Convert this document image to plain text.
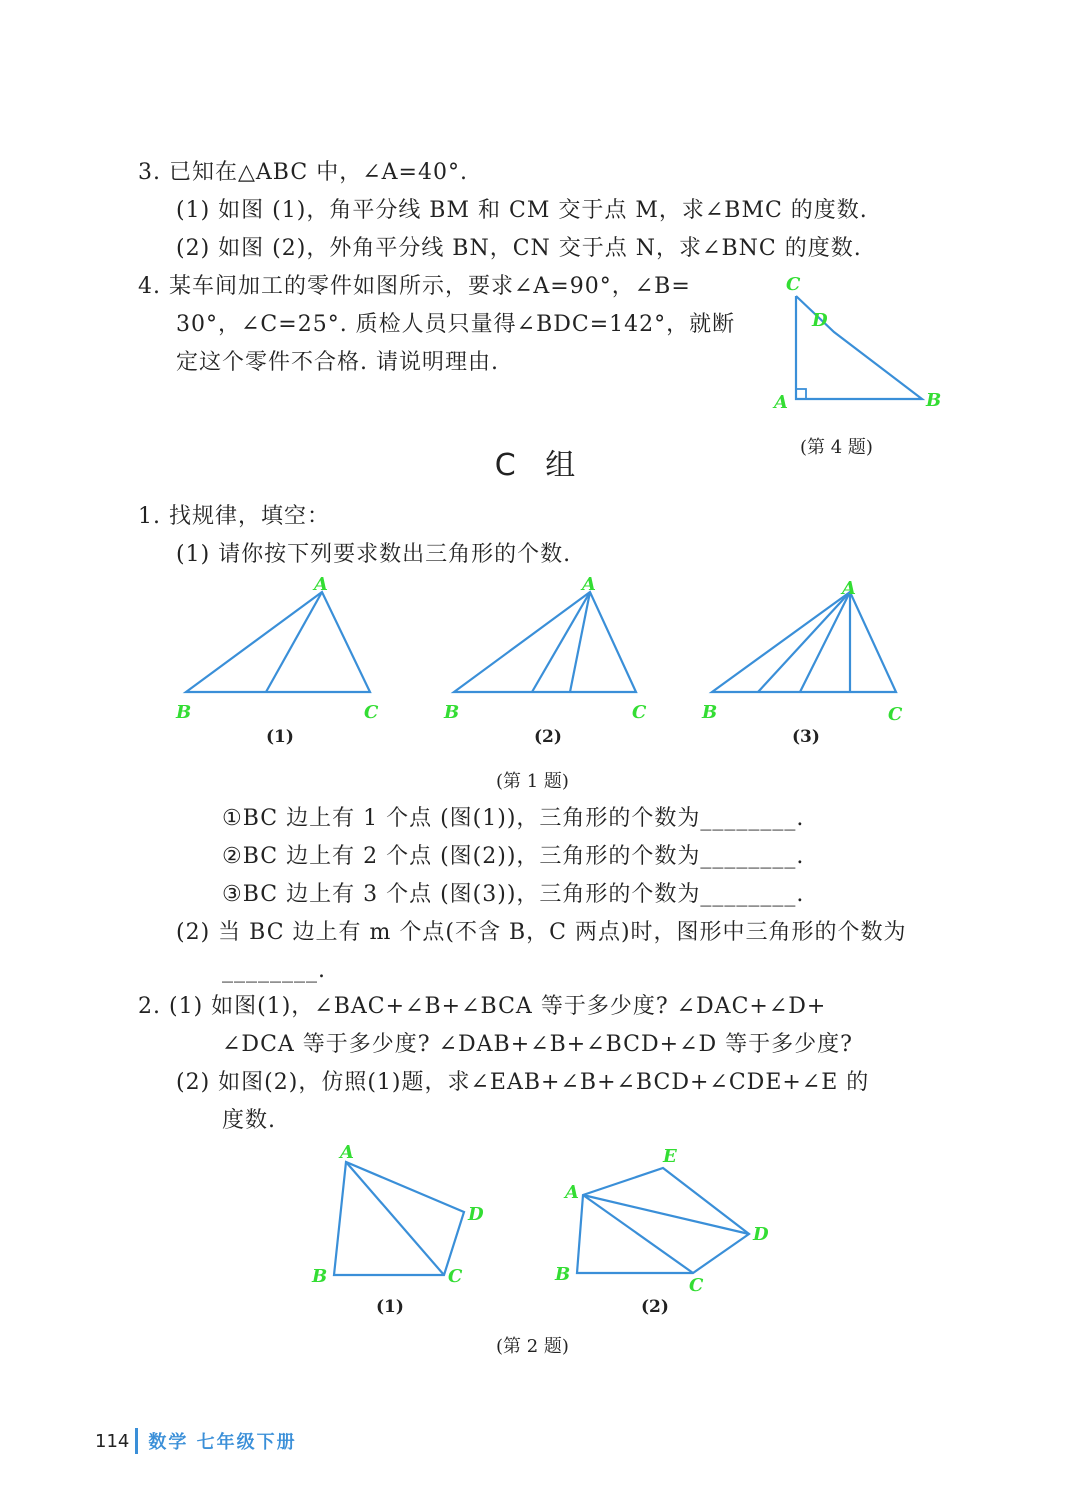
3. 已知在△ABC 中，∠A=40°.
(1) 如图 (1)，角平分线 BM 和 CM 交于点 M，求∠BMC 的度数.
(2) 如图 (2)，外角平分线 BN，CN 交于点 N，求∠BNC 的度数.
4. 某车间加工的零件如图所示，要求∠A=90°，∠B=
30°，∠C=25°. 质检人员只量得∠BDC=142°，就断
定这个零件不合格. 请说明理由.
C
D
A	B
(第 4 题)
C 组
1. 找规律，填空：
(1) 请你按下列要求数出三角形的个数.
A
B	C
(1)
A
B	C
(2)
A
B	C
(3)
(第 1 题)
①BC 边上有 1 个点 (图(1))，三角形的个数为________.
②BC 边上有 2 个点 (图(2))，三角形的个数为________.
③BC 边上有 3 个点 (图(3))，三角形的个数为________.
(2) 当 BC 边上有 m 个点(不含 B，C 两点)时，图形中三角形的个数为
________.
2. (1) 如图(1)，∠BAC+∠B+∠BCA 等于多少度? ∠DAC+∠D+
∠DCA 等于多少度? ∠DAB+∠B+∠BCD+∠D 等于多少度?
(2) 如图(2)，仿照(1)题，求∠EAB+∠B+∠BCD+∠CDE+∠E 的
度数.
A
B	C
D
(1)
A
E
D
C
B
(2)
(第 2 题)
114 数学 七年级下册
